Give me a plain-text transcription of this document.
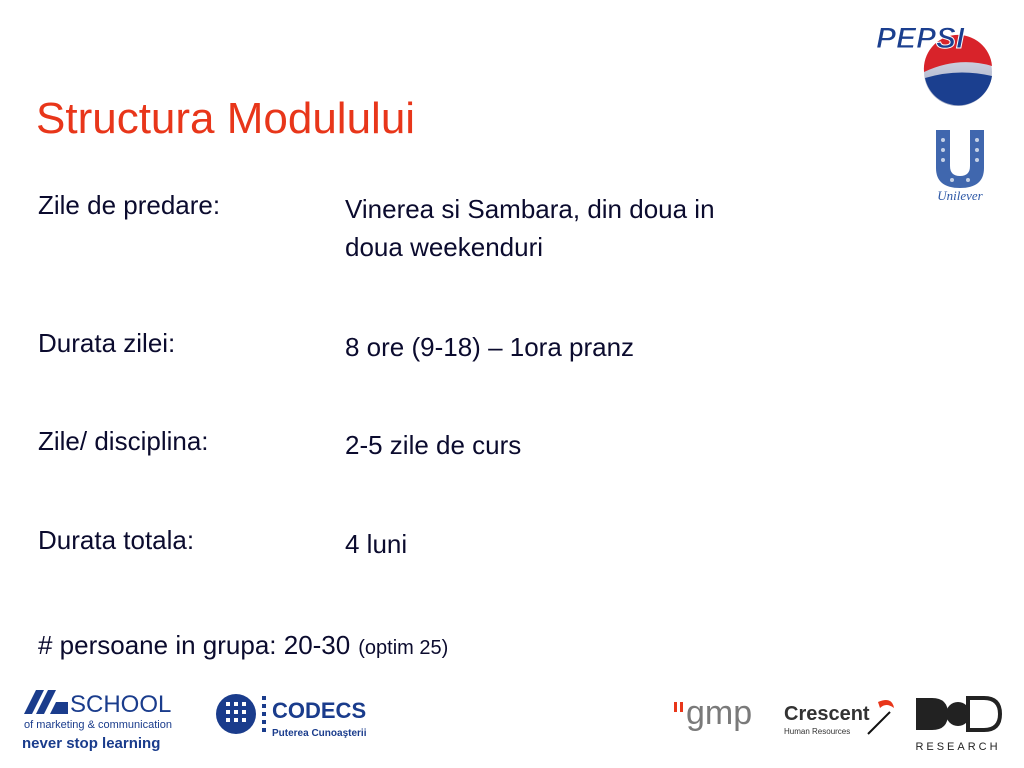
Structura Modulului
PEPSI
Unilever
Zile de predare:	Vinerea si Sambara, din doua in
doua weekenduri
Durata zilei:	8 ore (9-18) – 1ora pranz
Zile/ disciplina:	2-5 zile de curs
Durata totala:	4 luni
# persoane in grupa: 20-30 (optim 25)
SCHOOL
of marketing & communication
never stop learning
CODECS
Puterea Cunoaşterii
gmp Crescent
Human Resources
RESEARCH
